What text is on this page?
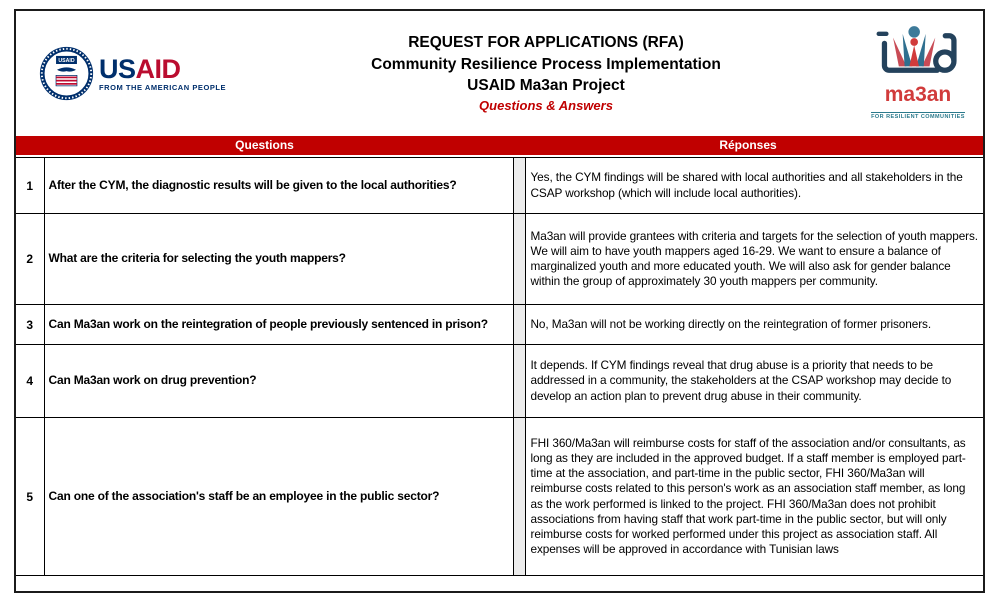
USAID USAID
FROM THE AMERICAN PEOPLE
REQUEST FOR APPLICATIONS (RFA)
Community Resilience Process Implementation
USAID Ma3an Project
Questions & Answers	ma3an
FOR RESILIENT COMMUNITIES
Questions	Réponses
1	After the CYM, the diagnostic results will be given to the local authorities?		Yes, the CYM findings will be shared with local authorities and all stakeholders in the CSAP workshop (which will include local authorities).
2	What are the criteria for selecting the youth mappers?		Ma3an will provide grantees with criteria and targets for the selection of youth mappers. We will aim to have youth mappers aged 16-29. We want to ensure a balance of marginalized youth and more educated youth. We will also ask for gender balance within the group of approximately 30 youth mappers per community.
3	Can Ma3an work on the reintegration of people previously sentenced in prison?		No, Ma3an will not be working directly on the reintegration of former prisoners.
4	Can Ma3an work on drug prevention?		It depends. If CYM findings reveal that drug abuse is a priority that needs to be addressed in a community, the stakeholders at the CSAP workshop may decide to develop an action plan to prevent drug abuse in their community.
5	Can one of the association's staff be an employee in the public sector?		FHI 360/Ma3an will reimburse costs for staff of the association and/or consultants, as long as they are included in the approved budget. If a staff member is employed part-time at the association, and part-time in the public sector, FHI 360/Ma3an will reimburse costs related to this person's work as an association staff member, as long as the work performed is linked to the project. FHI 360/Ma3an does not prohibit associations from having staff that work part-time in the public sector, but will only reimburse costs for worked performed under this project as association staff. All expenses will be approved in accordance with Tunisian laws
